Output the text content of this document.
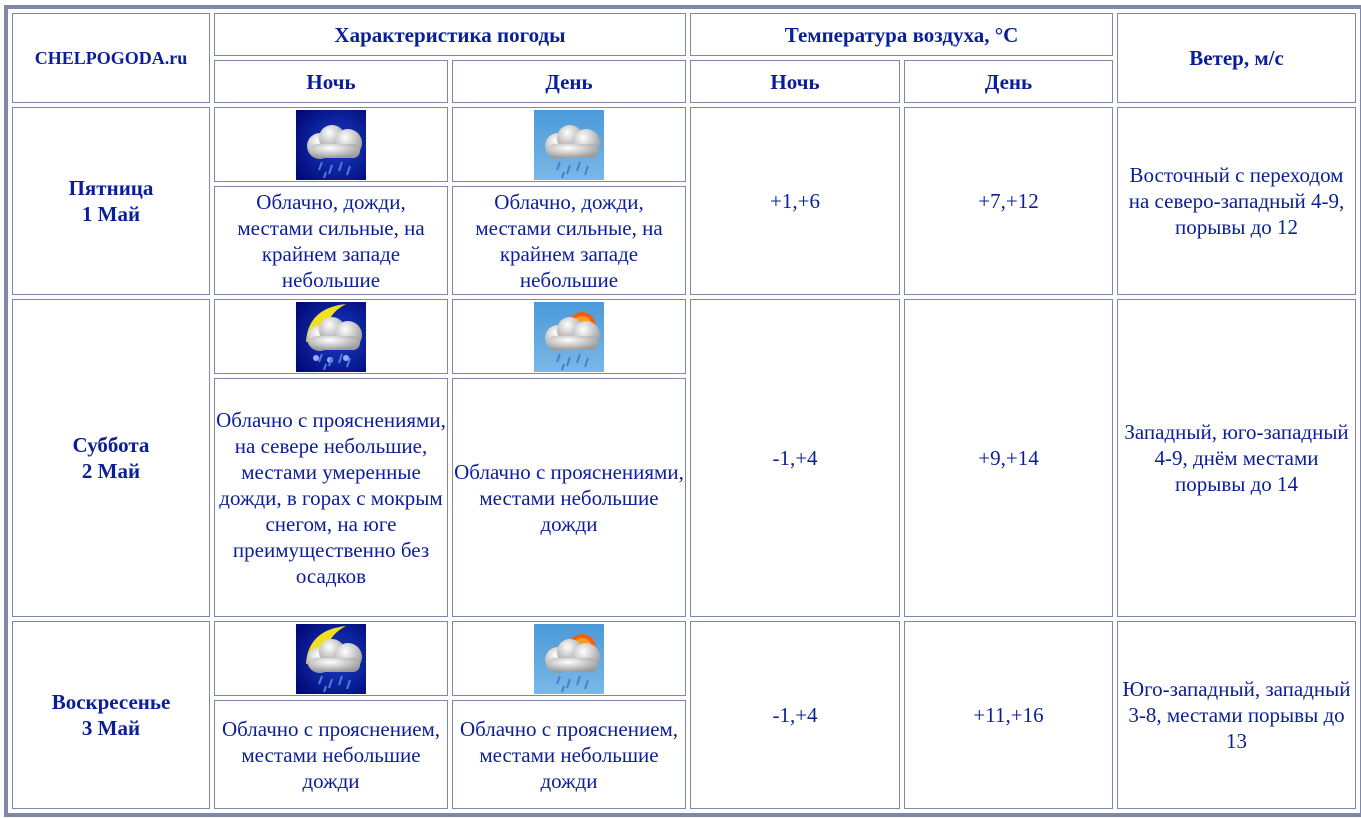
CHELPOGODA.ru	Характеристика погоды		Температура воздуха, °C		Ветер, м/с
	Ночь	День	Ночь	День	
Пятница
1 Май			+1,+6	+7,+12	Восточный с переходом на северо-западный 4-9, порывы до 12
	Облачно, дожди, местами сильные, на крайнем западе небольшие	Облачно, дожди, местами сильные, на крайнем западе небольшие			
Суббота
2 Май			-1,+4	+9,+14	Западный, юго-западный 4-9, днём местами порывы до 14
	Облачно с прояснениями, на севере небольшие, местами умеренные дожди, в горах с мокрым снегом, на юге преимущественно без осадков	Облачно с прояснениями, местами небольшие дожди			
Воскресенье
3 Май			-1,+4	+11,+16	Юго-западный, западный 3-8, местами порывы до 13
	Облачно с прояснением, местами небольшие дожди	Облачно с прояснением, местами небольшие дожди			
